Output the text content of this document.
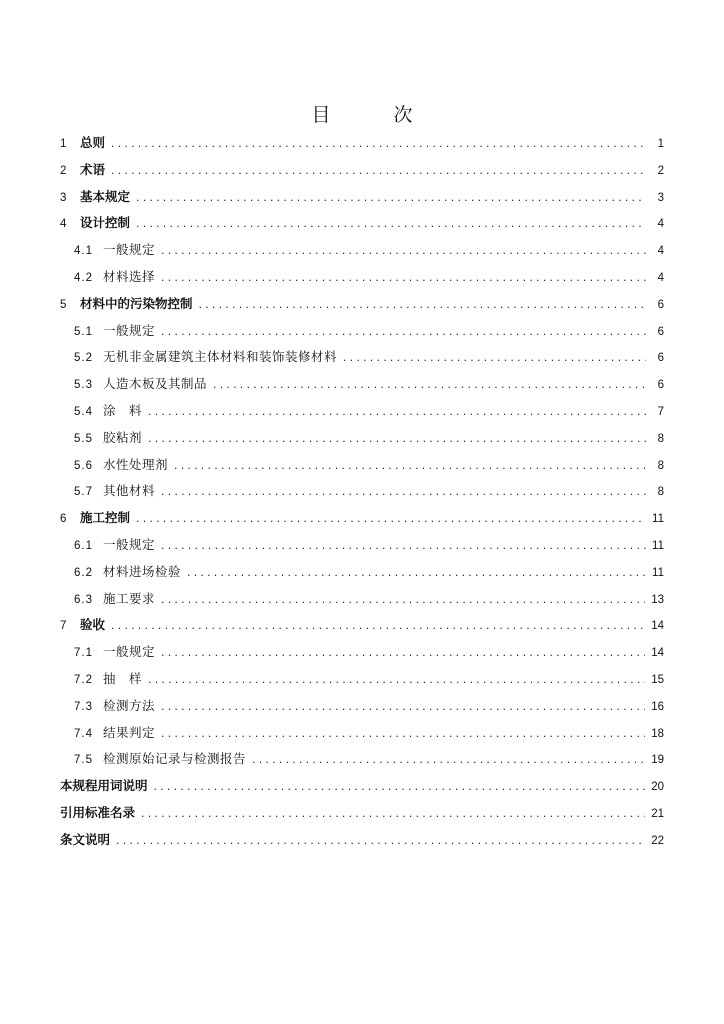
目　次
1 总则 .....	1
2 术语 .....	2
3 基本规定 .....	3
4 设计控制 .....	4
4.1 一般规定 .....	4
4.2 材料选择 .....	4
5 材料中的污染物控制 .....	6
5.1 一般规定 .....	6
5.2 无机非金属建筑主体材料和装饰装修材料 .....	6
5.3 人造木板及其制品 .....	6
5.4 涂　料 .....	7
5.5 胶粘剂 .....	8
5.6 水性处理剂 .....	8
5.7 其他材料 .....	8
6 施工控制 .....	11
6.1 一般规定 .....	11
6.2 材料进场检验 .....	11
6.3 施工要求 .....	13
7 验收 .....	14
7.1 一般规定 .....	14
7.2 抽　样 .....	15
7.3 检测方法 .....	16
7.4 结果判定 .....	18
7.5 检测原始记录与检测报告 .....	19
本规程用词说明 .....	20
引用标准名录 .....	21
条文说明 .....	22
